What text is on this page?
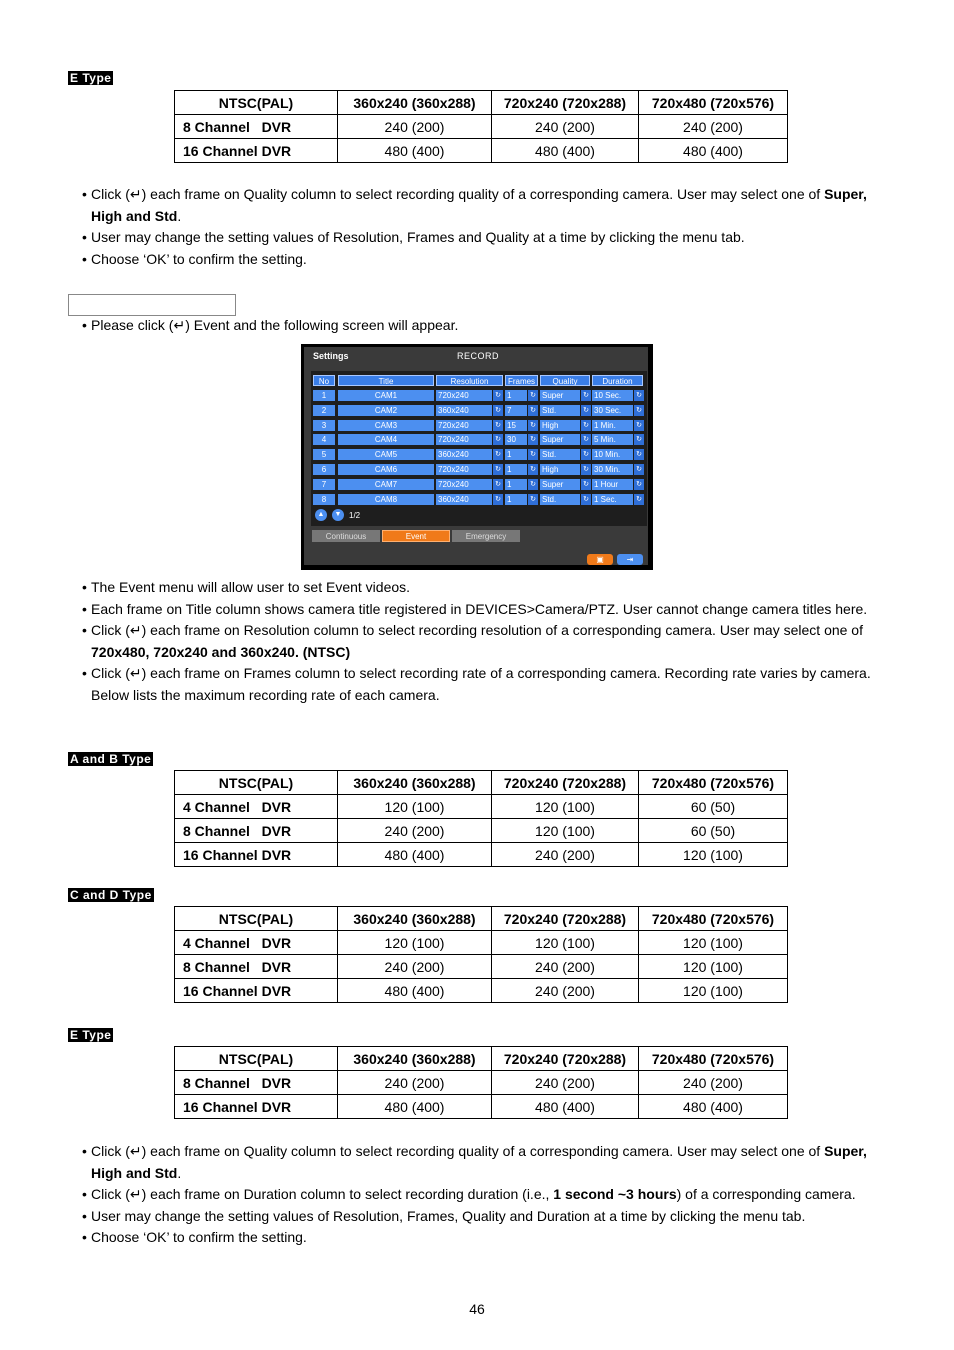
E Type
NTSC(PAL)	360x240 (360x288)	720x240 (720x288)	720x480 (720x576)
8 Channel   DVR	240 (200)	240 (200)	240 (200)
16 Channel DVR	480 (400)	480 (400)	480 (400)
• Click (↵) each frame on Quality column to select recording quality of a corresponding camera. User may select one of Super, High and Std.
• User may change the setting values of Resolution, Frames and Quality at a time by clicking the menu tab.
• Choose ‘OK’ to confirm the setting.
• Please click (↵) Event and the following screen will appear.
Settings	RECORD
No	Title	Resolution	Frames	Quality	Duration
1	CAM1	↻
720x240	↻
1	↻
Super	↻
10 Sec.
2	CAM2	↻
360x240	↻
7	↻
Std.	↻
30 Sec.
3	CAM3	↻
720x240	↻
15	↻
High	↻
1 Min.
4	CAM4	↻
720x240	↻
30	↻
Super	↻
5 Min.
5	CAM5	↻
360x240	↻
1	↻
Std.	↻
10 Min.
6	CAM6	↻
720x240	↻
1	↻
High	↻
30 Min.
7	CAM7	↻
720x240	↻
1	↻
Super	↻
1 Hour
8	CAM8	↻
360x240	↻
1	↻
Std.	↻
1 Sec.
▲	▼ 1/2
Continuous	Event	Emergency
▣	⇥
• The Event menu will allow user to set Event videos.
• Each frame on Title column shows camera title registered in DEVICES>Camera/PTZ. User cannot change camera titles here.
• Click (↵) each frame on Resolution column to select recording resolution of a corresponding camera. User may select one of 720x480, 720x240 and 360x240. (NTSC)
• Click (↵) each frame on Frames column to select recording rate of a corresponding camera. Recording rate varies by camera. Below lists the maximum recording rate of each camera.
A and B Type
NTSC(PAL)	360x240 (360x288)	720x240 (720x288)	720x480 (720x576)
4 Channel   DVR	120 (100)	120 (100)	60 (50)
8 Channel   DVR	240 (200)	120 (100)	60 (50)
16 Channel DVR	480 (400)	240 (200)	120 (100)
C and D Type
NTSC(PAL)	360x240 (360x288)	720x240 (720x288)	720x480 (720x576)
4 Channel   DVR	120 (100)	120 (100)	120 (100)
8 Channel   DVR	240 (200)	240 (200)	120 (100)
16 Channel DVR	480 (400)	240 (200)	120 (100)
E Type
NTSC(PAL)	360x240 (360x288)	720x240 (720x288)	720x480 (720x576)
8 Channel   DVR	240 (200)	240 (200)	240 (200)
16 Channel DVR	480 (400)	480 (400)	480 (400)
• Click (↵) each frame on Quality column to select recording quality of a corresponding camera. User may select one of Super, High and Std.
• Click (↵) each frame on Duration column to select recording duration (i.e., 1 second ~3 hours) of a corresponding camera.
• User may change the setting values of Resolution, Frames, Quality and Duration at a time by clicking the menu tab.
• Choose ‘OK’ to confirm the setting.
46
